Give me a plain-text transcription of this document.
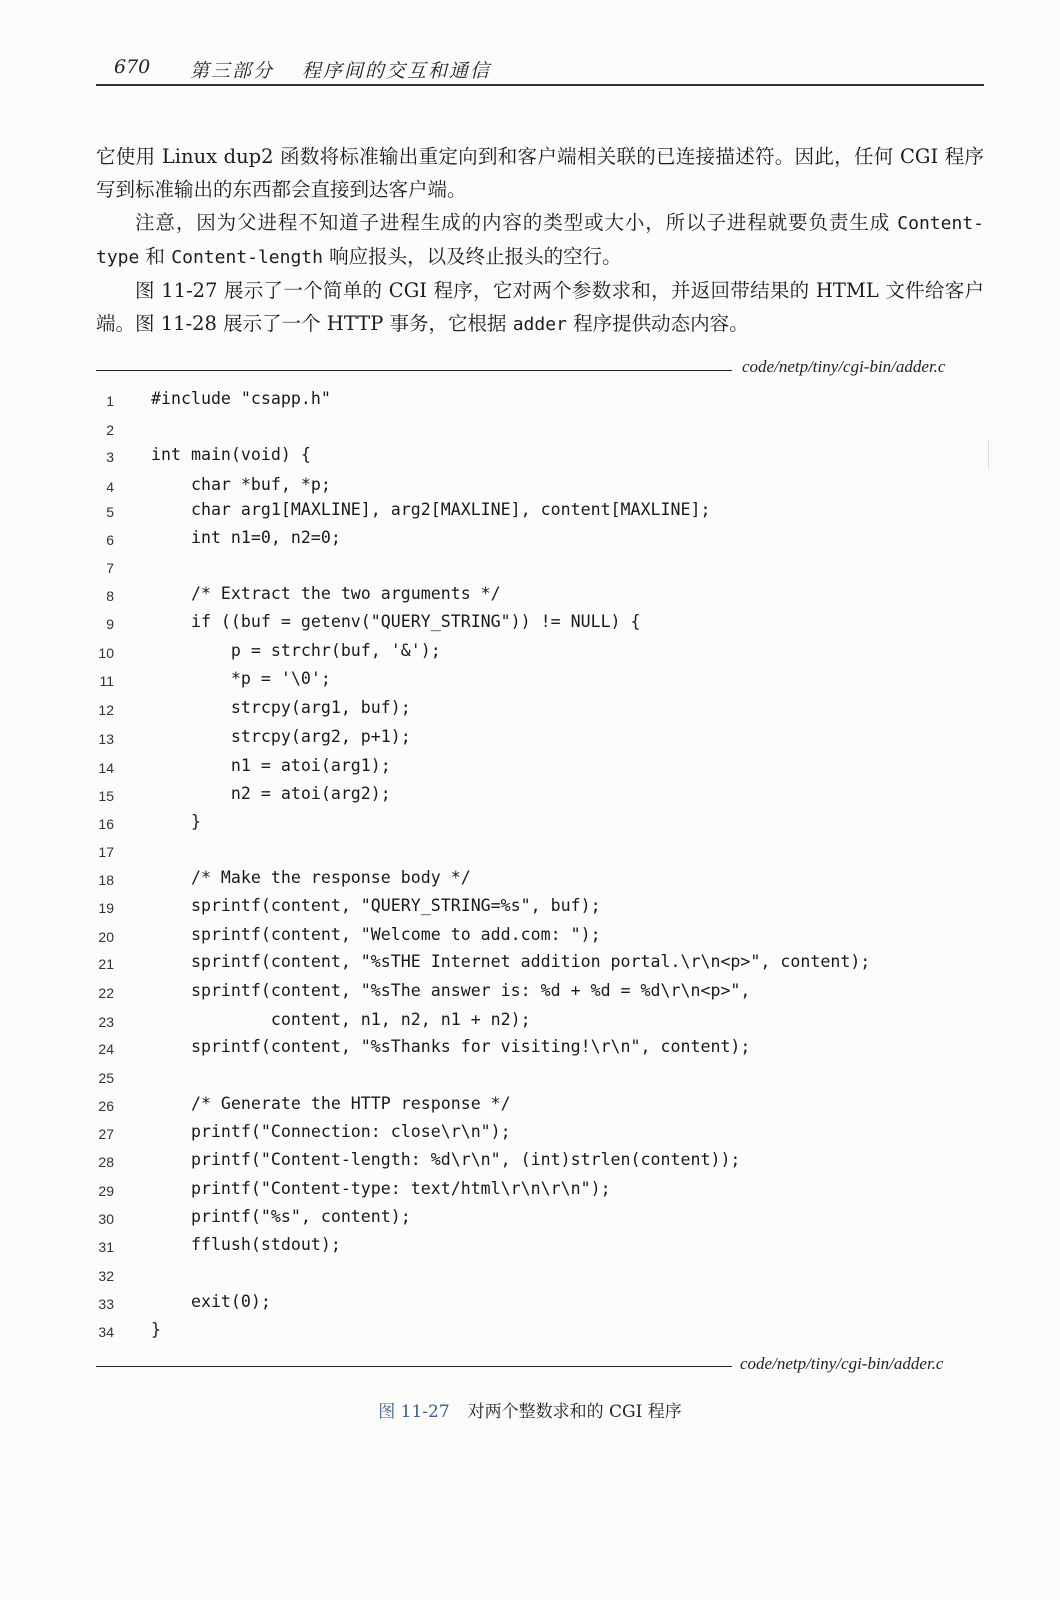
670 第三部分 程序间的交互和通信

它使用 Linux dup2 函数将标准输出重定向到和客户端相关联的已连接描述符。因此，任何 CGI 程序写到标准输出的东西都会直接到达客户端。

注意，因为父进程不知道子进程生成的内容的类型或大小，所以子进程就要负责生成 Content-type 和 Content-length 响应报头，以及终止报头的空行。

图 11-27 展示了一个简单的 CGI 程序，它对两个参数求和，并返回带结果的 HTML 文件给客户端。图 11-28 展示了一个 HTTP 事务，它根据 adder 程序提供动态内容。

code/netp/tiny/cgi-bin/adder.c
1 #include "csapp.h"
2
3 int main(void) {
4 char *buf, *p;
5 char arg1[MAXLINE], arg2[MAXLINE], content[MAXLINE];
6 int n1=0, n2=0;
7
8 /* Extract the two arguments */
9 if ((buf = getenv("QUERY_STRING")) != NULL) {
10 p = strchr(buf, '&');
11 *p = '\0';
12 strcpy(arg1, buf);
13 strcpy(arg2, p+1);
14 n1 = atoi(arg1);
15 n2 = atoi(arg2);
16 }
17
18 /* Make the response body */
19 sprintf(content, "QUERY_STRING=%s", buf);
20 sprintf(content, "Welcome to add.com: ");
21 sprintf(content, "%sTHE Internet addition portal.\r\n<p>", content);
22 sprintf(content, "%sThe answer is: %d + %d = %d\r\n<p>",
23 content, n1, n2, n1 + n2);
24 sprintf(content, "%sThanks for visiting!\r\n", content);
25
26 /* Generate the HTTP response */
27 printf("Connection: close\r\n");
28 printf("Content-length: %d\r\n", (int)strlen(content));
29 printf("Content-type: text/html\r\n\r\n");
30 printf("%s", content);
31 fflush(stdout);
32
33 exit(0);
34 }
code/netp/tiny/cgi-bin/adder.c
图 11-27 对两个整数求和的 CGI 程序
